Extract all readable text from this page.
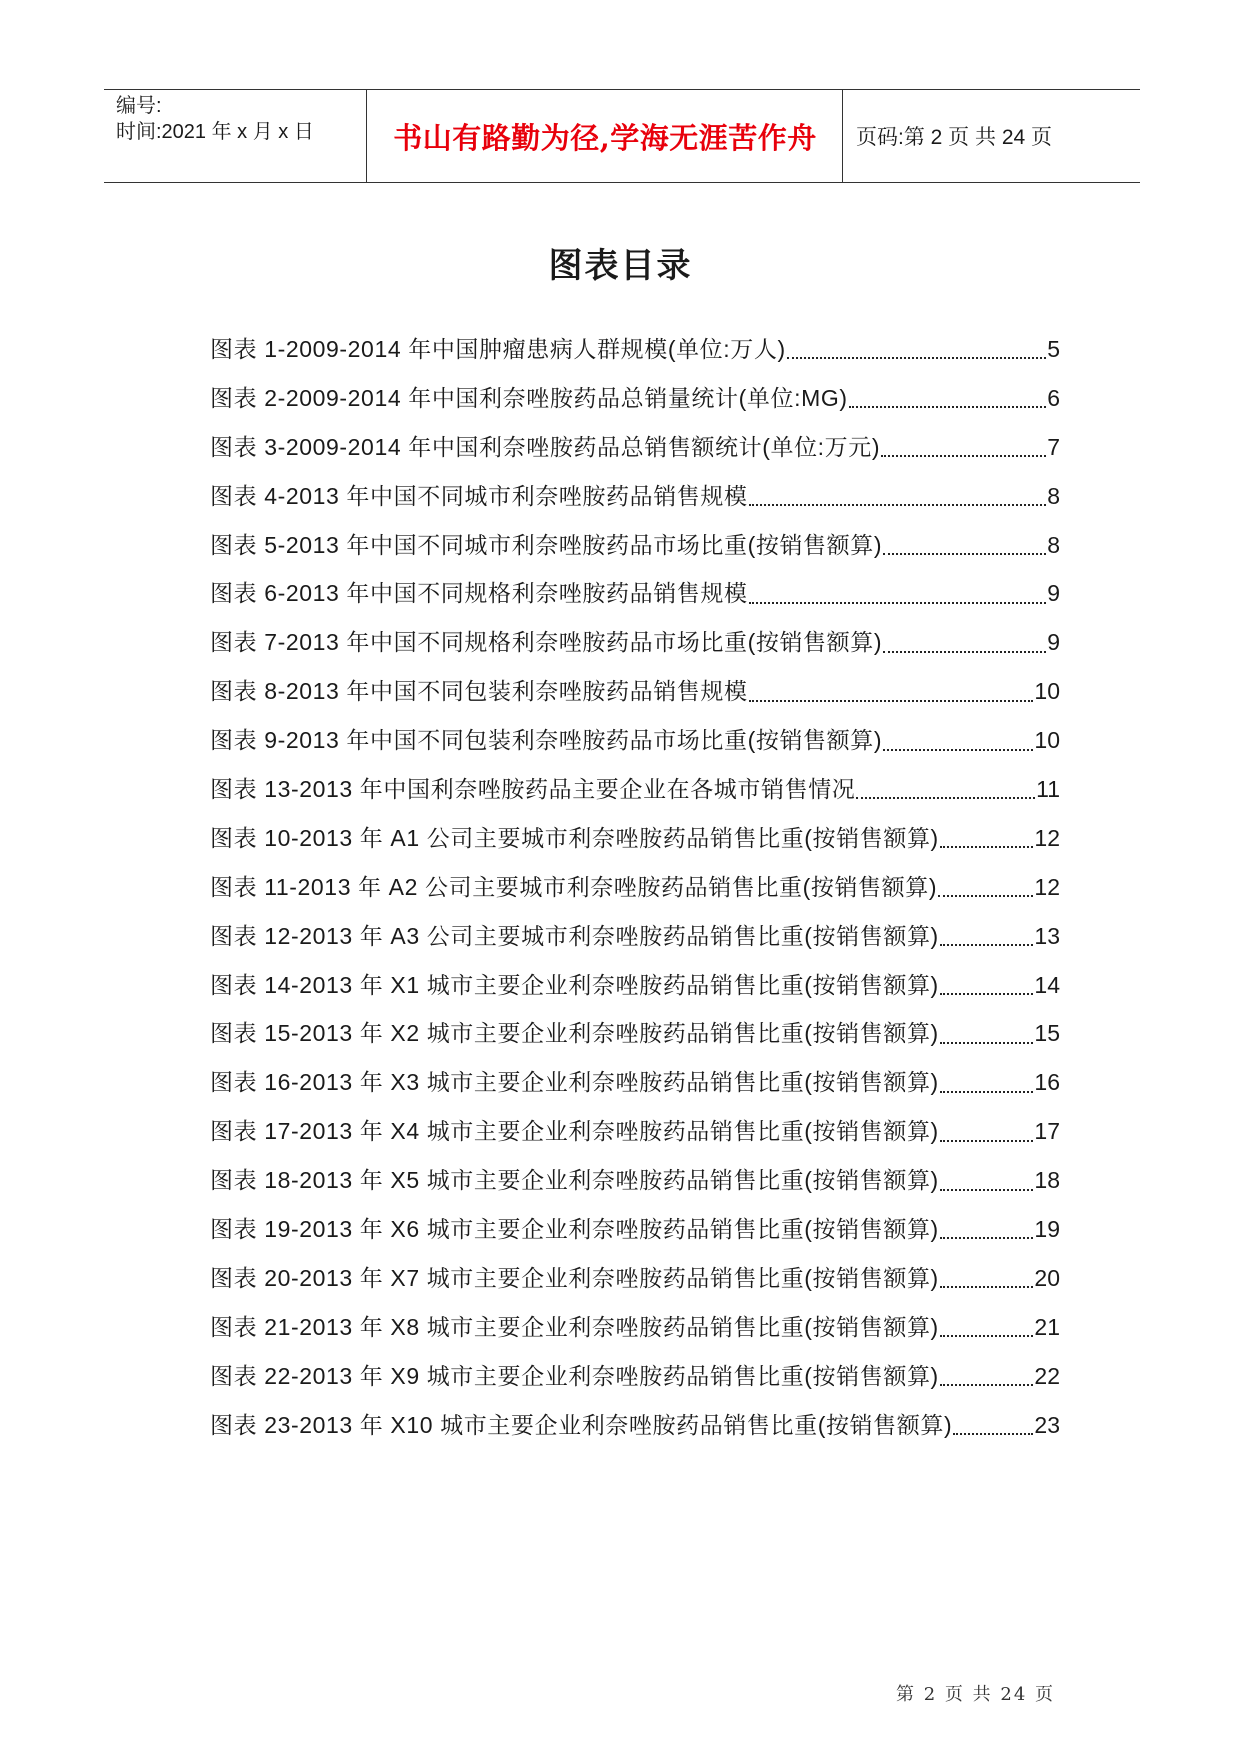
编号:
时间:2021 年 x 月 x 日	书山有路勤为径,学海无涯苦作舟 页码:第 2 页 共 24 页
图表目录
图表 1-2009-2014 年中国肿瘤患病人群规模(单位:万人)	5
图表 2-2009-2014 年中国利奈唑胺药品总销量统计(单位:MG)	6
图表 3-2009-2014 年中国利奈唑胺药品总销售额统计(单位:万元)	7
图表 4-2013 年中国不同城市利奈唑胺药品销售规模	8
图表 5-2013 年中国不同城市利奈唑胺药品市场比重(按销售额算)	8
图表 6-2013 年中国不同规格利奈唑胺药品销售规模	9
图表 7-2013 年中国不同规格利奈唑胺药品市场比重(按销售额算)	9
图表 8-2013 年中国不同包装利奈唑胺药品销售规模	10
图表 9-2013 年中国不同包装利奈唑胺药品市场比重(按销售额算)	10
图表 13-2013 年中国利奈唑胺药品主要企业在各城市销售情况	11
图表 10-2013 年 A1 公司主要城市利奈唑胺药品销售比重(按销售额算)	12
图表 11-2013 年 A2 公司主要城市利奈唑胺药品销售比重(按销售额算)	12
图表 12-2013 年 A3 公司主要城市利奈唑胺药品销售比重(按销售额算)	13
图表 14-2013 年 X1 城市主要企业利奈唑胺药品销售比重(按销售额算)	14
图表 15-2013 年 X2 城市主要企业利奈唑胺药品销售比重(按销售额算)	15
图表 16-2013 年 X3 城市主要企业利奈唑胺药品销售比重(按销售额算)	16
图表 17-2013 年 X4 城市主要企业利奈唑胺药品销售比重(按销售额算)	17
图表 18-2013 年 X5 城市主要企业利奈唑胺药品销售比重(按销售额算)	18
图表 19-2013 年 X6 城市主要企业利奈唑胺药品销售比重(按销售额算)	19
图表 20-2013 年 X7 城市主要企业利奈唑胺药品销售比重(按销售额算)	20
图表 21-2013 年 X8 城市主要企业利奈唑胺药品销售比重(按销售额算)	21
图表 22-2013 年 X9 城市主要企业利奈唑胺药品销售比重(按销售额算)	22
图表 23-2013 年 X10 城市主要企业利奈唑胺药品销售比重(按销售额算)	23
第 2 页 共 24 页
